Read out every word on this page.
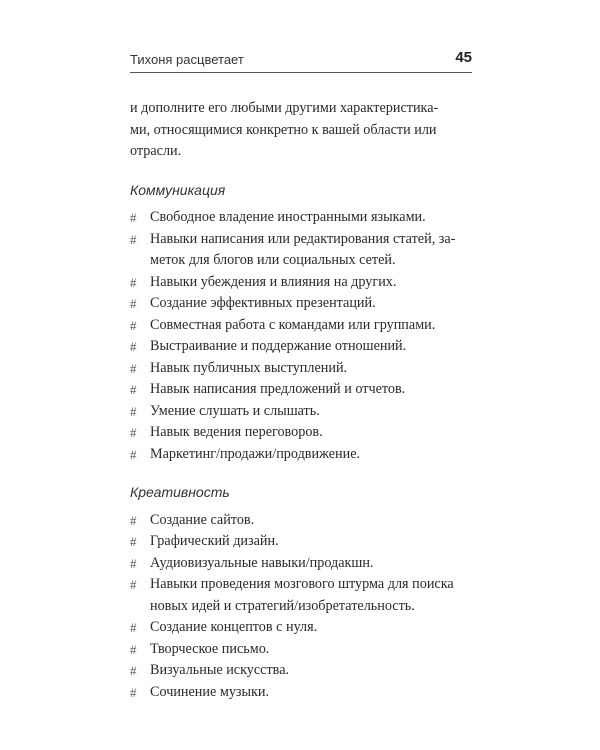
Тихоня расцветает	45

и дополните его любыми другими характеристика-
ми, относящимися конкретно к вашей области или
отрасли.

Коммуникация
# Свободное владение иностранными языками.
# Навыки написания или редактирования статей, за-
меток для блогов или социальных сетей.
# Навыки убеждения и влияния на других.
# Создание эффективных презентаций.
# Совместная работа с командами или группами.
# Выстраивание и поддержание отношений.
# Навык публичных выступлений.
# Навык написания предложений и отчетов.
# Умение слушать и слышать.
# Навык ведения переговоров.
# Маркетинг/продажи/продвижение.
Креативность
# Создание сайтов.
# Графический дизайн.
# Аудиовизуальные навыки/продакшн.
# Навыки проведения мозгового штурма для поиска
новых идей и стратегий/изобретательность.
# Создание концептов с нуля.
# Творческое письмо.
# Визуальные искусства.
# Сочинение музыки.
